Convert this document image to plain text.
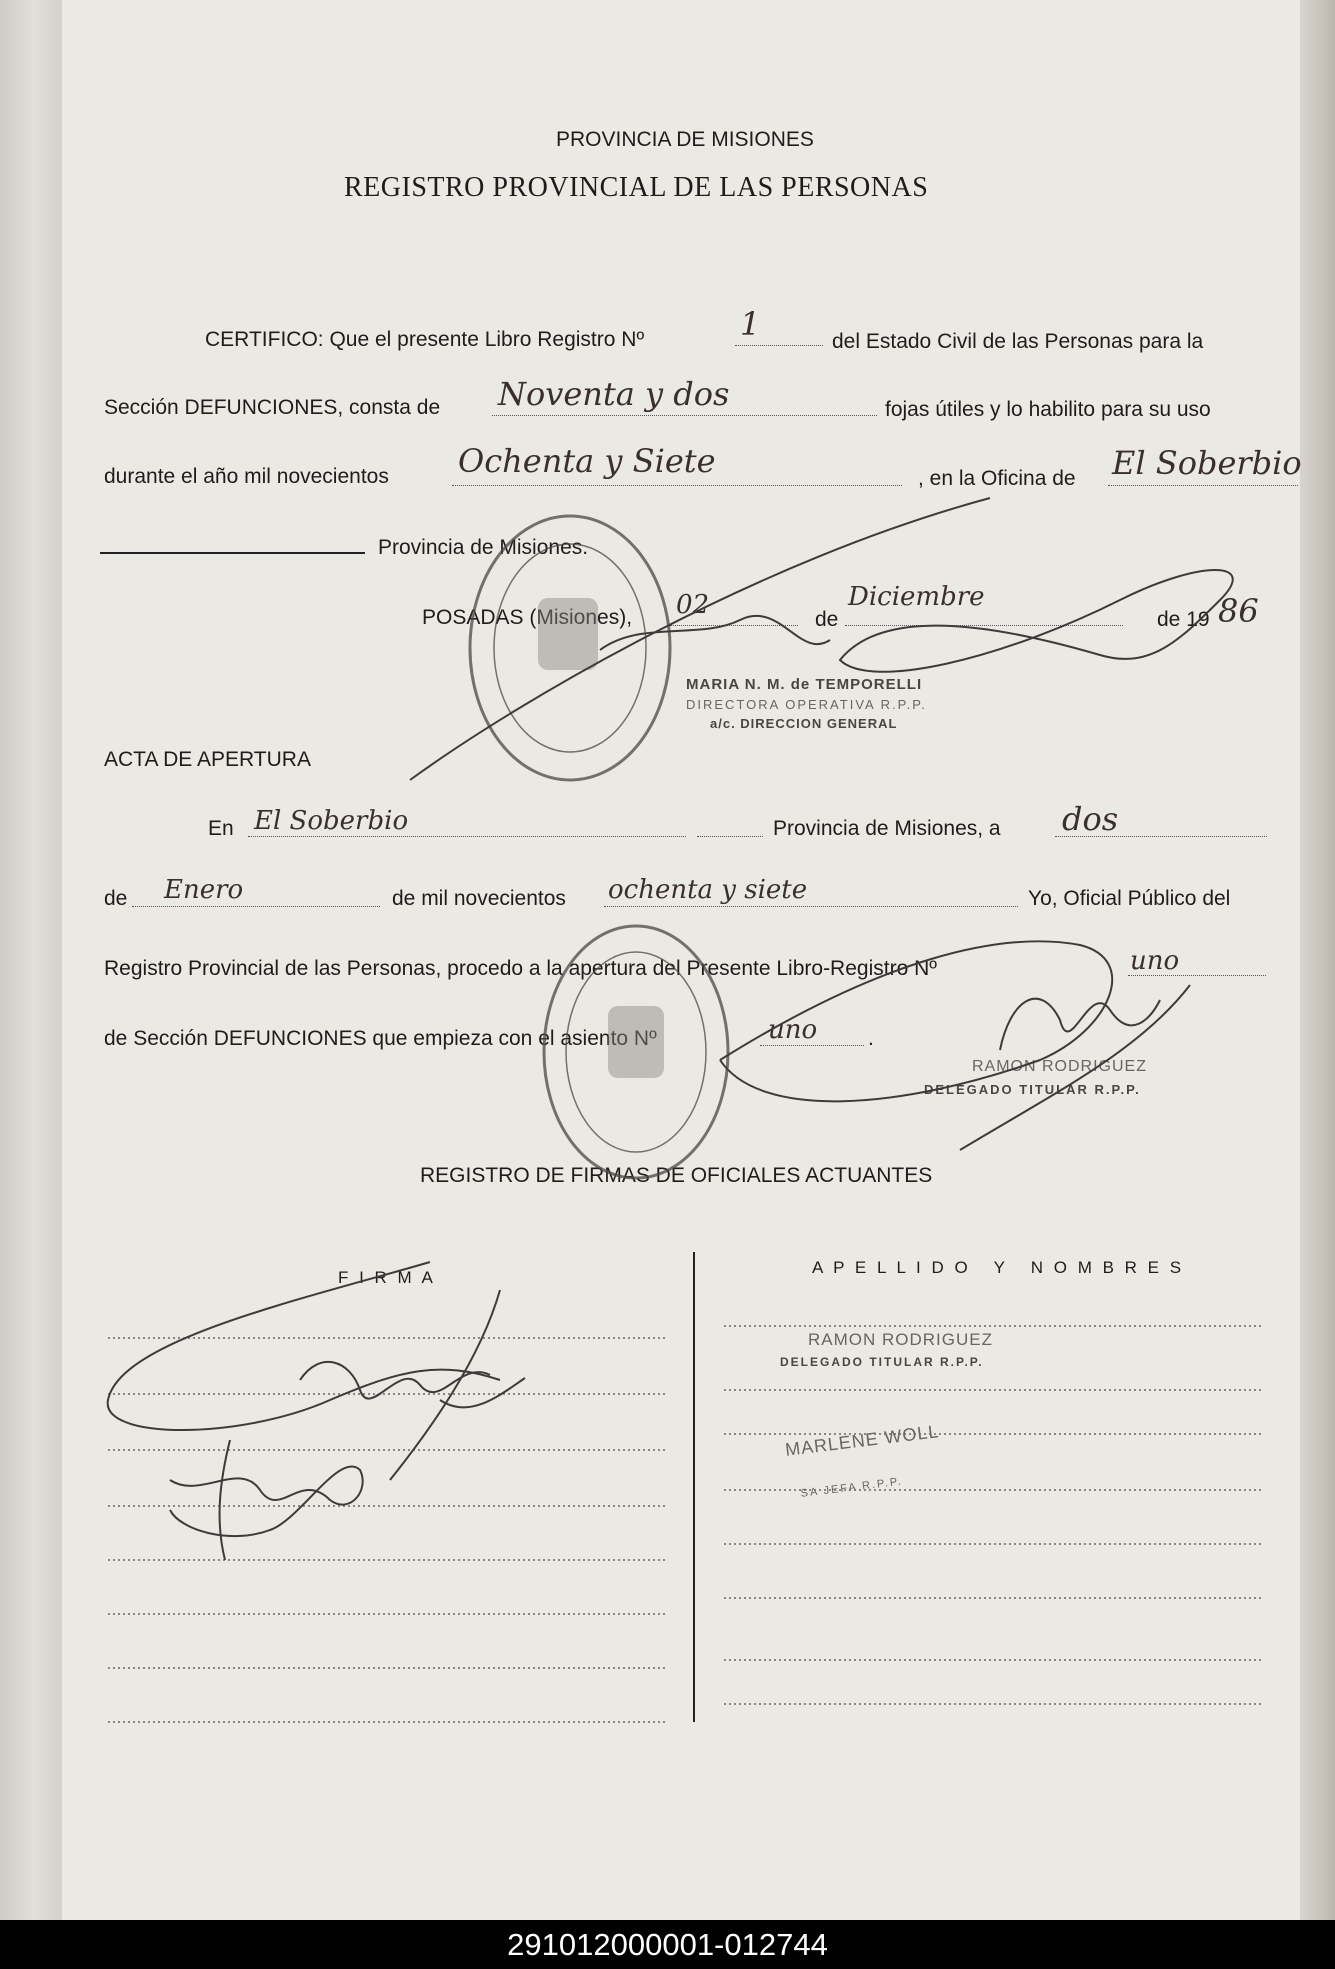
PROVINCIA DE MISIONES
REGISTRO PROVINCIAL DE LAS PERSONAS
CERTIFICO: Que el presente Libro Registro Nº	1	del Estado Civil de las Personas para la
Sección DEFUNCIONES, consta de Noventa y dos	fojas útiles y lo habilito para su uso
durante el año mil novecientos Ochenta y Siete	, en la Oficina de El Soberbio
Provincia de Misiones.
POSADAS (Misiones), 02	de
Diciembre
de 19 86
MARIA N. M. de TEMPORELLI
DIRECTORA OPERATIVA R.P.P.
a/c. DIRECCION GENERAL
ACTA DE APERTURA
En El Soberbio	Provincia de Misiones, a dos
de Enero	de mil novecientos ochenta y siete	Yo, Oficial Público del
Registro Provincial de las Personas, procedo a la apertura del Presente Libro-Registro Nº	uno
de Sección DEFUNCIONES que empieza con el asiento Nº	uno .
RAMON RODRIGUEZ
DELEGADO TITULAR R.P.P.
REGISTRO DE FIRMAS DE OFICIALES ACTUANTES
F I R M A
A P E L L I D O   Y   N O M B R E S
RAMON RODRIGUEZ
DELEGADO TITULAR R.P.P.
MARLENE WOLL
SA JEFA R.P.P.
291012000001-012744
